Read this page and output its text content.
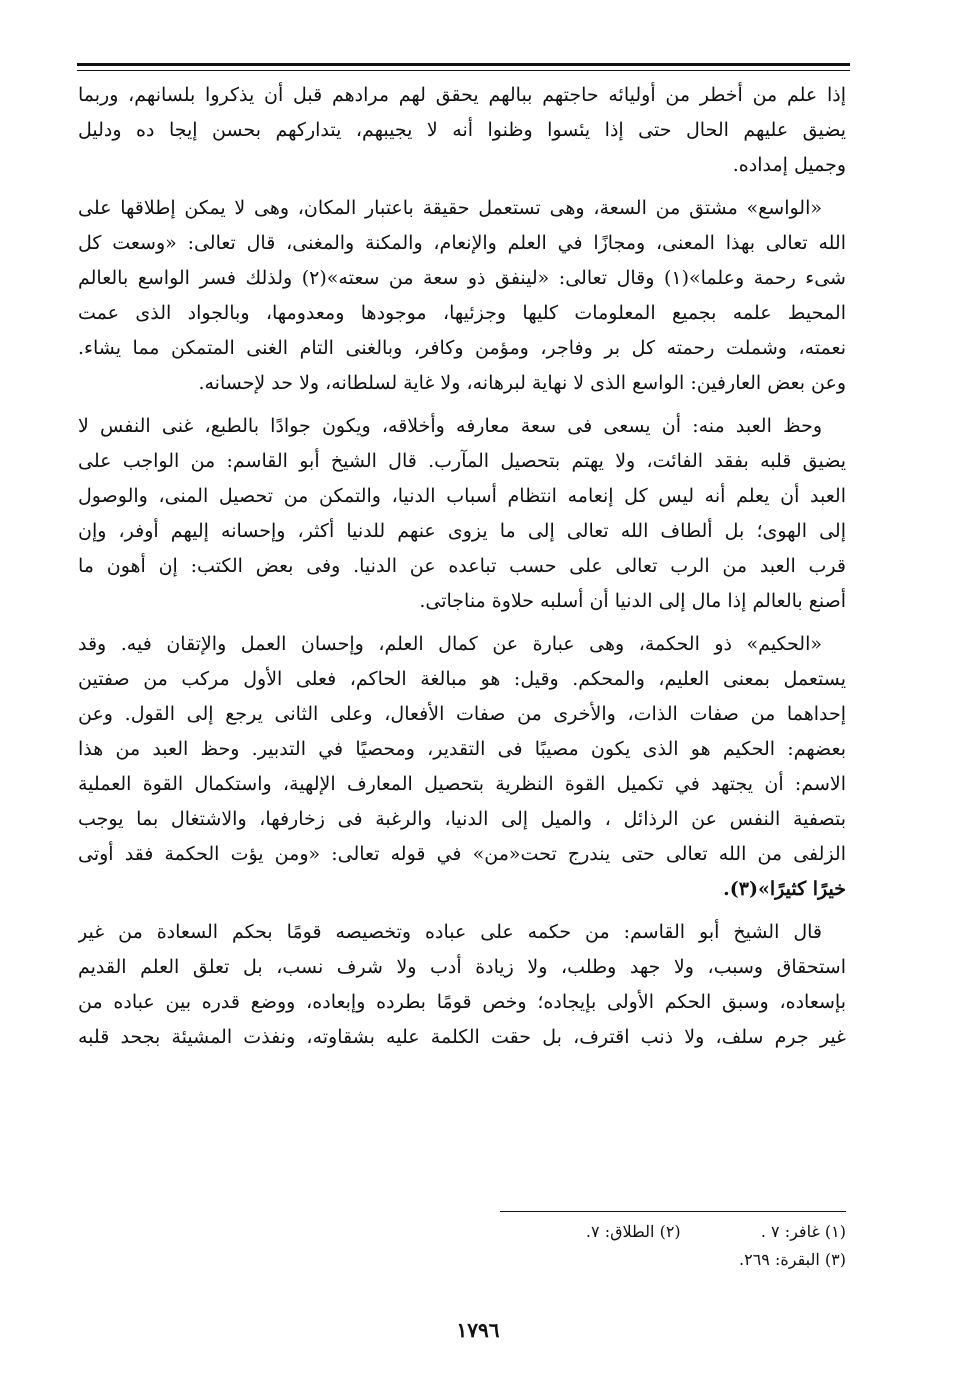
إذا علم من أخطر من أوليائه حاجتهم ببالهم يحقق لهم مرادهم قبل أن يذكروا بلسانهم، وربما
يضيق عليهم الحال حتى إذا يئسوا وظنوا أنه لا يجيبهم، يتداركهم بحسن إيجا ده ودليل
وجميل إمداده.
«الواسع» مشتق من السعة، وهى تستعمل حقيقة باعتبار المكان، وهى لا يمكن إطلاقها على
الله تعالى بهذا المعنى، ومجازًا في العلم والإنعام، والمكنة والمغنى، قال تعالى: «وسعت كل
شىء رحمة وعلما»(١) وقال تعالى: «لينفق ذو سعة من سعته»(٢) ولذلك فسر الواسع بالعالم
المحيط علمه بجميع المعلومات كليها وجزئيها، موجودها ومعدومها، وبالجواد الذى عمت
نعمته، وشملت رحمته كل بر وفاجر، ومؤمن وكافر، وبالغنى التام الغنى المتمكن مما يشاء.
وعن بعض العارفين: الواسع الذى لا نهاية لبرهانه، ولا غاية لسلطانه، ولا حد لإحسانه.
وحظ العبد منه: أن يسعى فى سعة معارفه وأخلاقه، ويكون جوادًا بالطبع، غنى النفس لا
يضيق قلبه بفقد الفائت، ولا يهتم بتحصيل المآرب. قال الشيخ أبو القاسم: من الواجب على
العبد أن يعلم أنه ليس كل إنعامه انتظام أسباب الدنيا، والتمكن من تحصيل المنى، والوصول
إلى الهوى؛ بل ألطاف الله تعالى إلى ما يزوى عنهم للدنيا أكثر، وإحسانه إليهم أوفر، وإن
قرب العبد من الرب تعالى على حسب تباعده عن الدنيا. وفى بعض الكتب: إن أهون ما
أصنع بالعالم إذا مال إلى الدنيا أن أسلبه حلاوة مناجاتى.
«الحكيم» ذو الحكمة، وهى عبارة عن كمال العلم، وإحسان العمل والإتقان فيه. وقد
يستعمل بمعنى العليم، والمحكم. وقيل: هو مبالغة الحاكم، فعلى الأول مركب من صفتين
إحداهما من صفات الذات، والأخرى من صفات الأفعال، وعلى الثانى يرجع إلى القول. وعن
بعضهم: الحكيم هو الذى يكون مصيبًا فى التقدير، ومحصيًا في التدبير. وحظ العبد من هذا
الاسم: أن يجتهد في تكميل القوة النظرية بتحصيل المعارف الإلهية، واستكمال القوة العملية
بتصفية النفس عن الرذائل ، والميل إلى الدنيا، والرغبة فى زخارفها، والاشتغال بما يوجب
الزلفى من الله تعالى حتى يندرج تحت«من» في قوله تعالى: «ومن يؤت الحكمة فقد أوتى
خيرًا كثيرًا»(٣).
قال الشيخ أبو القاسم: من حكمه على عباده وتخصيصه قومًا بحكم السعادة من غير
استحقاق وسبب، ولا جهد وطلب، ولا زيادة أدب ولا شرف نسب، بل تعلق العلم القديم
بإسعاده، وسبق الحكم الأولى بإيجاده؛ وخص قومًا بطرده وإبعاده، ووضع قدره بين عباده من
غير جرم سلف، ولا ذنب اقترف، بل حقت الكلمة عليه بشقاوته، ونفذت المشيئة بجحد قلبه
(١) غافر: ٧ .  (٢) الطلاق: ٧.
(٣) البقرة: ٢٦٩.
١٧٩٦
